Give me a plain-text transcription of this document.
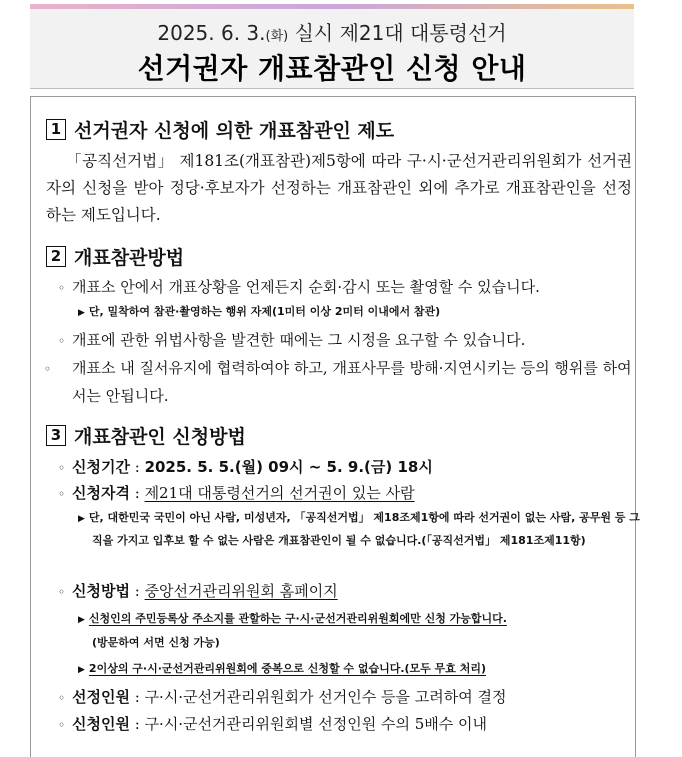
2025. 6. 3.(화) 실시 제21대 대통령선거
선거권자 개표참관인 신청 안내
1 선거권자 신청에 의한 개표참관인 제도
「공직선거법」 제181조(개표참관)제5항에 따라 구·시·군선거관리위원회가 선거권자의 신청을 받아 정당·후보자가 선정하는 개표참관인 외에 추가로 개표참관인을 선정하는 제도입니다.
2 개표참관방법
◦ 개표소 안에서 개표상황을 언제든지 순회·감시 또는 촬영할 수 있습니다.
▶ 단, 밀착하여 참관·촬영하는 행위 자제(1미터 이상 2미터 이내에서 참관)
◦ 개표에 관한 위법사항을 발견한 때에는 그 시정을 요구할 수 있습니다.
◦ 개표소 내 질서유지에 협력하여야 하고, 개표사무를 방해·지연시키는 등의 행위를 하여서는 안됩니다.
3 개표참관인 신청방법
◦ 신청기간 : 2025. 5. 5.(월) 09시 ~ 5. 9.(금) 18시
◦ 신청자격 : 제21대 대통령선거의 선거권이 있는 사람
▶ 단, 대한민국 국민이 아닌 사람, 미성년자, 「공직선거법」 제18조제1항에 따라 선거권이 없는 사람, 공무원 등 그 직을 가지고 입후보 할 수 없는 사람은 개표참관인이 될 수 없습니다.(「공직선거법」 제181조제11항)
◦ 신청방법 : 중앙선거관리위원회 홈페이지
▶ 신청인의 주민등록상 주소지를 관할하는 구·시·군선거관리위원회에만 신청 가능합니다.
(방문하여 서면 신청 가능)
▶ 2이상의 구·시·군선거관리위원회에 중복으로 신청할 수 없습니다.(모두 무효 처리)
◦ 선정인원 : 구·시·군선거관리위원회가 선거인수 등을 고려하여 결정
◦ 신청인원 : 구·시·군선거관리위원회별 선정인원 수의 5배수 이내
